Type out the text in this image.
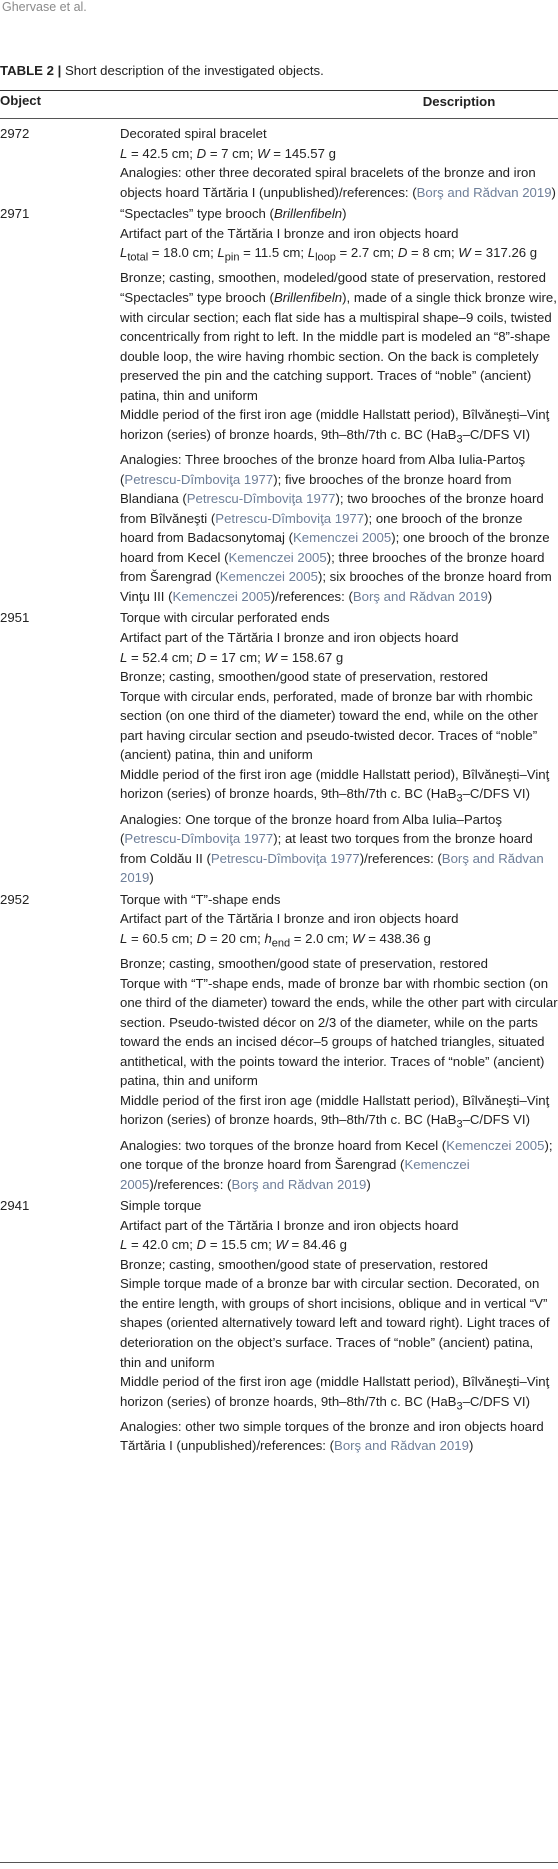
Ghervase et al.
TABLE 2 | Short description of the investigated objects.
Object	Description
2972	Decorated spiral bracelet

L = 42.5 cm; D = 7 cm; W = 145.57 g

Analogies: other three decorated spiral bracelets of the bronze and iron objects hoard Tărtăria I (unpublished)/references: (Borş and Rădvan 2019)

2971	“Spectacles” type brooch (Brillenfibeln)

Artifact part of the Tărtăria I bronze and iron objects hoard

$L_{total} = 18.0$ cm; $L_{pin} = 11.5$ cm; $L_{loop} = 2.7$ cm; D = 8 cm; W = 317.26 g

Bronze; casting, smoothen, modeled/good state of preservation, restored

“Spectacles” type brooch (Brillenfibeln), made of a single thick bronze wire, with circular section; each flat side has a multispiral shape–9 coils, twisted concentrically from right to left. In the middle part is modeled an “8”-shape double loop, the wire having rhombic section. On the back is completely preserved the pin and the catching support. Traces of “noble” (ancient) patina, thin and uniform

Middle period of the first iron age (middle Hallstatt period), Bîlvăneşti–Vinţ horizon (series) of bronze hoards, 9th–8th/7th c. BC (HaB$_3$–C/DFS VI)

Analogies: Three brooches of the bronze hoard from Alba Iulia-Partoş (Petrescu-Dîmboviţa 1977); five brooches of the bronze hoard from Blandiana (Petrescu-Dîmboviţa 1977); two brooches of the bronze hoard from Bîlvăneşti (Petrescu-Dîmboviţa 1977); one brooch of the bronze hoard from Badacsonytomaj (Kemenczei 2005); one brooch of the bronze hoard from Kecel (Kemenczei 2005); three brooches of the bronze hoard from Šarengrad (Kemenczei 2005); six brooches of the bronze hoard from Vinţu III (Kemenczei 2005)/references: (Borş and Rădvan 2019)

2951	Torque with circular perforated ends

Artifact part of the Tărtăria I bronze and iron objects hoard

L = 52.4 cm; D = 17 cm; W = 158.67 g

Bronze; casting, smoothen/good state of preservation, restored

Torque with circular ends, perforated, made of bronze bar with rhombic section (on one third of the diameter) toward the end, while on the other part having circular section and pseudo-twisted decor. Traces of “noble” (ancient) patina, thin and uniform

Middle period of the first iron age (middle Hallstatt period), Bîlvăneşti–Vinţ horizon (series) of bronze hoards, 9th–8th/7th c. BC (HaB$_3$–C/DFS VI)

Analogies: One torque of the bronze hoard from Alba Iulia–Partoş (Petrescu-Dîmboviţa 1977); at least two torques from the bronze hoard from Coldău II (Petrescu-Dîmboviţa 1977)/references: (Borş and Rădvan 2019)

2952	Torque with “T”-shape ends

Artifact part of the Tărtăria I bronze and iron objects hoard

L = 60.5 cm; D = 20 cm; $h_{end} = 2.0$ cm; W = 438.36 g

Bronze; casting, smoothen/good state of preservation, restored

Torque with “T”-shape ends, made of bronze bar with rhombic section (on one third of the diameter) toward the ends, while the other part with circular section. Pseudo-twisted décor on 2/3 of the diameter, while on the parts toward the ends an incised décor–5 groups of hatched triangles, situated antithetical, with the points toward the interior. Traces of “noble” (ancient) patina, thin and uniform

Middle period of the first iron age (middle Hallstatt period), Bîlvăneşti–Vinţ horizon (series) of bronze hoards, 9th–8th/7th c. BC (HaB$_3$–C/DFS VI)

Analogies: two torques of the bronze hoard from Kecel (Kemenczei 2005); one torque of the bronze hoard from Šarengrad (Kemenczei 2005)/references: (Borş and Rădvan 2019)

2941	Simple torque

Artifact part of the Tărtăria I bronze and iron objects hoard

L = 42.0 cm; D = 15.5 cm; W = 84.46 g

Bronze; casting, smoothen/good state of preservation, restored

Simple torque made of a bronze bar with circular section. Decorated, on the entire length, with groups of short incisions, oblique and in vertical “V” shapes (oriented alternatively toward left and toward right). Light traces of deterioration on the object’s surface. Traces of “noble” (ancient) patina, thin and uniform

Middle period of the first iron age (middle Hallstatt period), Bîlvăneşti–Vinţ horizon (series) of bronze hoards, 9th–8th/7th c. BC (HaB$_3$–C/DFS VI)

Analogies: other two simple torques of the bronze and iron objects hoard Tărtăria I (unpublished)/references: (Borş and Rădvan 2019)
